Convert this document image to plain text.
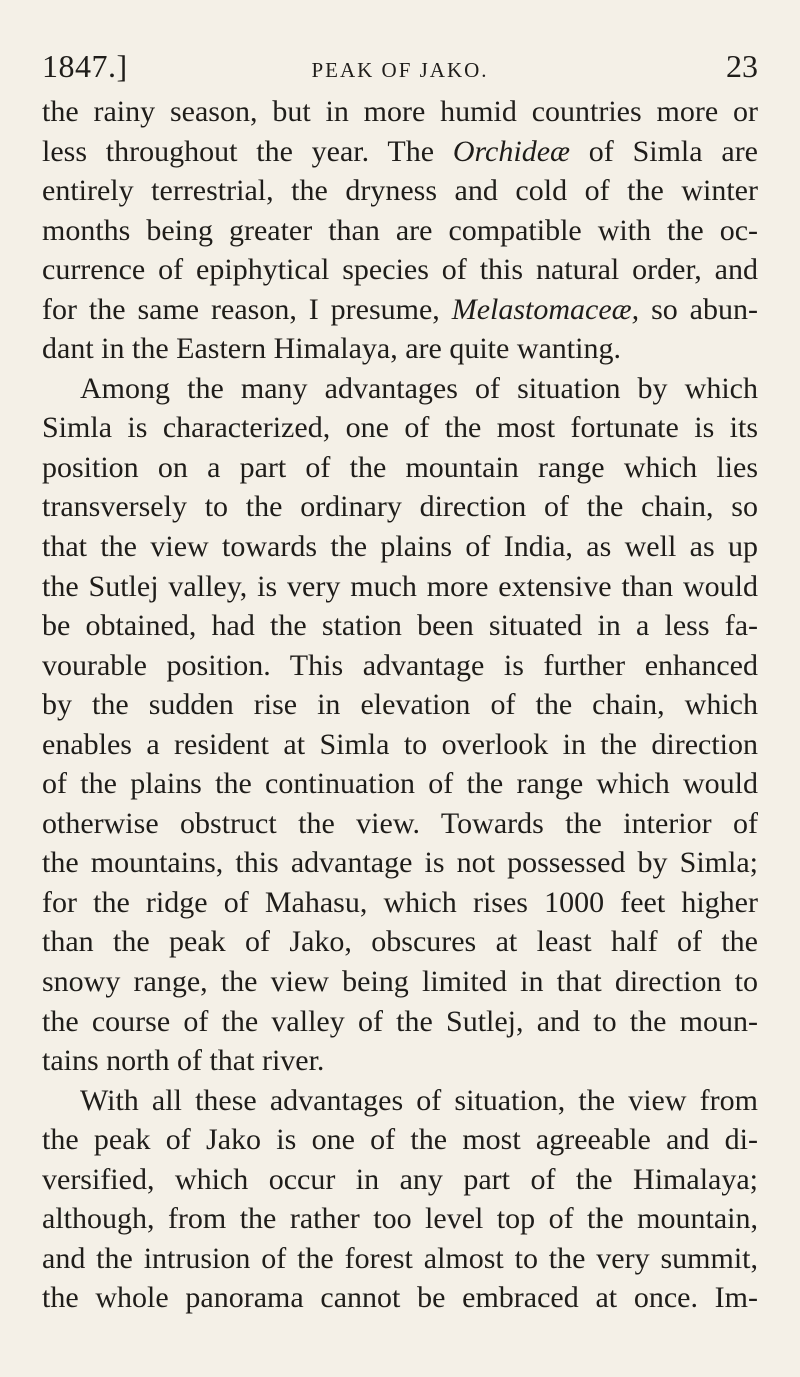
1847.]	PEAK OF JAKO.	23
the rainy season, but in more humid countries more or
less throughout the year. The Orchideæ of Simla are
entirely terrestrial, the dryness and cold of the winter
months being greater than are compatible with the oc-
currence of epiphytical species of this natural order, and
for the same reason, I presume, Melastomaceæ, so abun-
dant in the Eastern Himalaya, are quite wanting.
Among the many advantages of situation by which
Simla is characterized, one of the most fortunate is its
position on a part of the mountain range which lies
transversely to the ordinary direction of the chain, so
that the view towards the plains of India, as well as up
the Sutlej valley, is very much more extensive than would
be obtained, had the station been situated in a less fa-
vourable position. This advantage is further enhanced
by the sudden rise in elevation of the chain, which
enables a resident at Simla to overlook in the direction
of the plains the continuation of the range which would
otherwise obstruct the view. Towards the interior of
the mountains, this advantage is not possessed by Simla;
for the ridge of Mahasu, which rises 1000 feet higher
than the peak of Jako, obscures at least half of the
snowy range, the view being limited in that direction to
the course of the valley of the Sutlej, and to the moun-
tains north of that river.
With all these advantages of situation, the view from
the peak of Jako is one of the most agreeable and di-
versified, which occur in any part of the Himalaya;
although, from the rather too level top of the mountain,
and the intrusion of the forest almost to the very summit,
the whole panorama cannot be embraced at once. Im-
